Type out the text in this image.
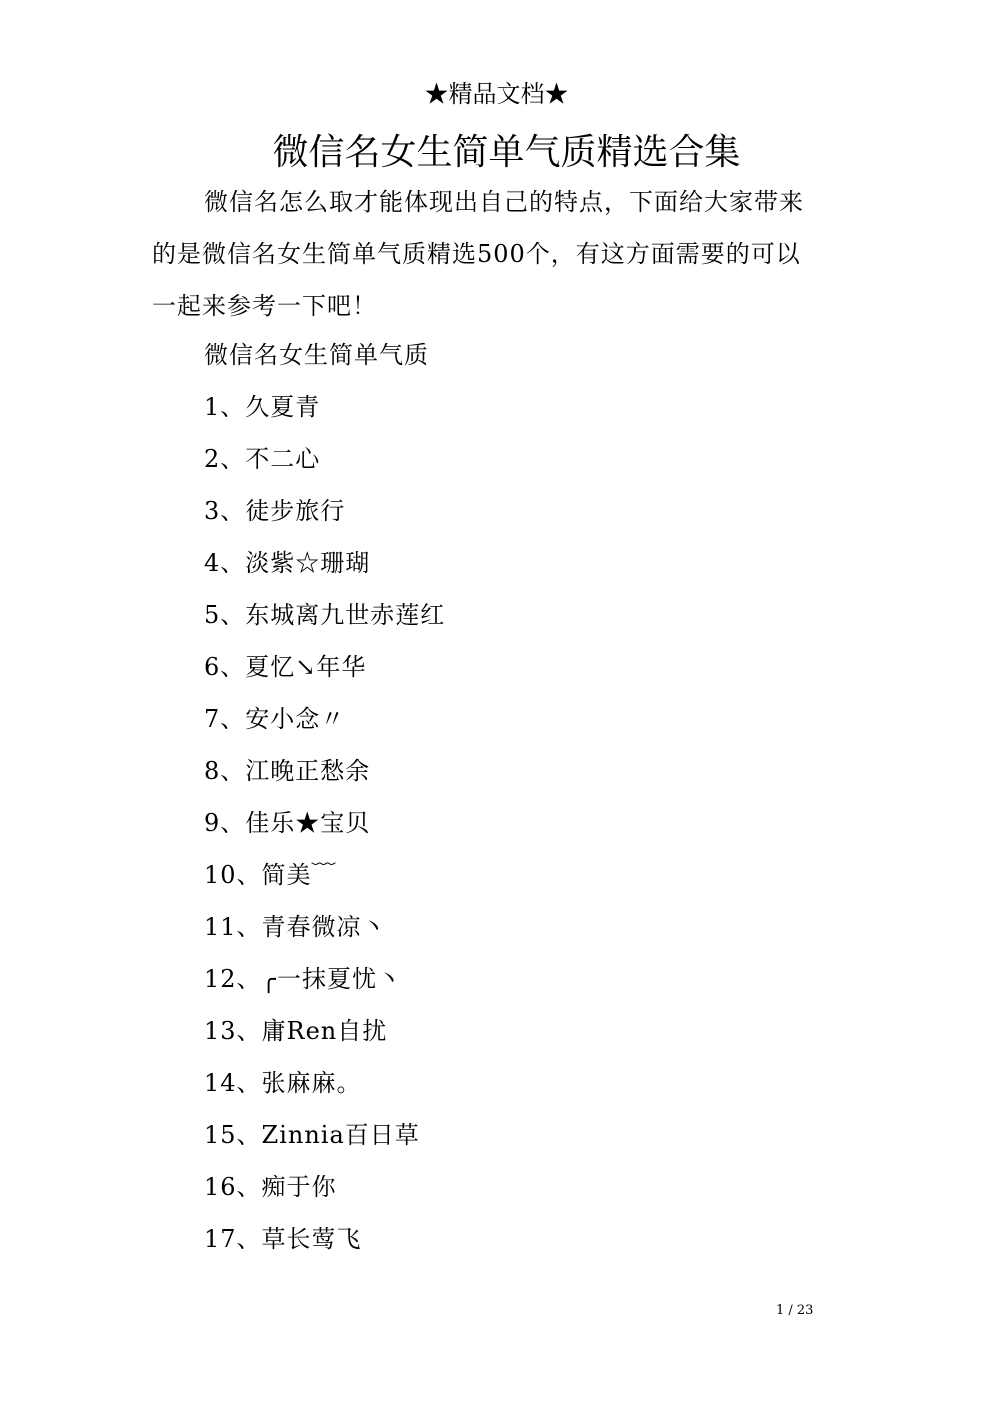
★精品文档★
微信名女生简单气质精选合集
微信名怎么取才能体现出自己的特点，下面给大家带来的是微信名女生简单气质精选500个，有这方面需要的可以一起来参考一下吧！
微信名女生简单气质
1、久夏青
2、不二心
3、徒步旅行
4、淡紫☆珊瑚
5、东城离九世赤莲红
6、夏忆↘年华
7、安小念〃
8、江晚正愁余
9、佳乐★宝贝
10、简美﹋
11、青春微凉丶
12、╭一抹夏忧丶
13、庸Ren自扰
14、张麻麻。
15、Zinnia百日草
16、痴于你
17、草长莺飞
1 / 23
